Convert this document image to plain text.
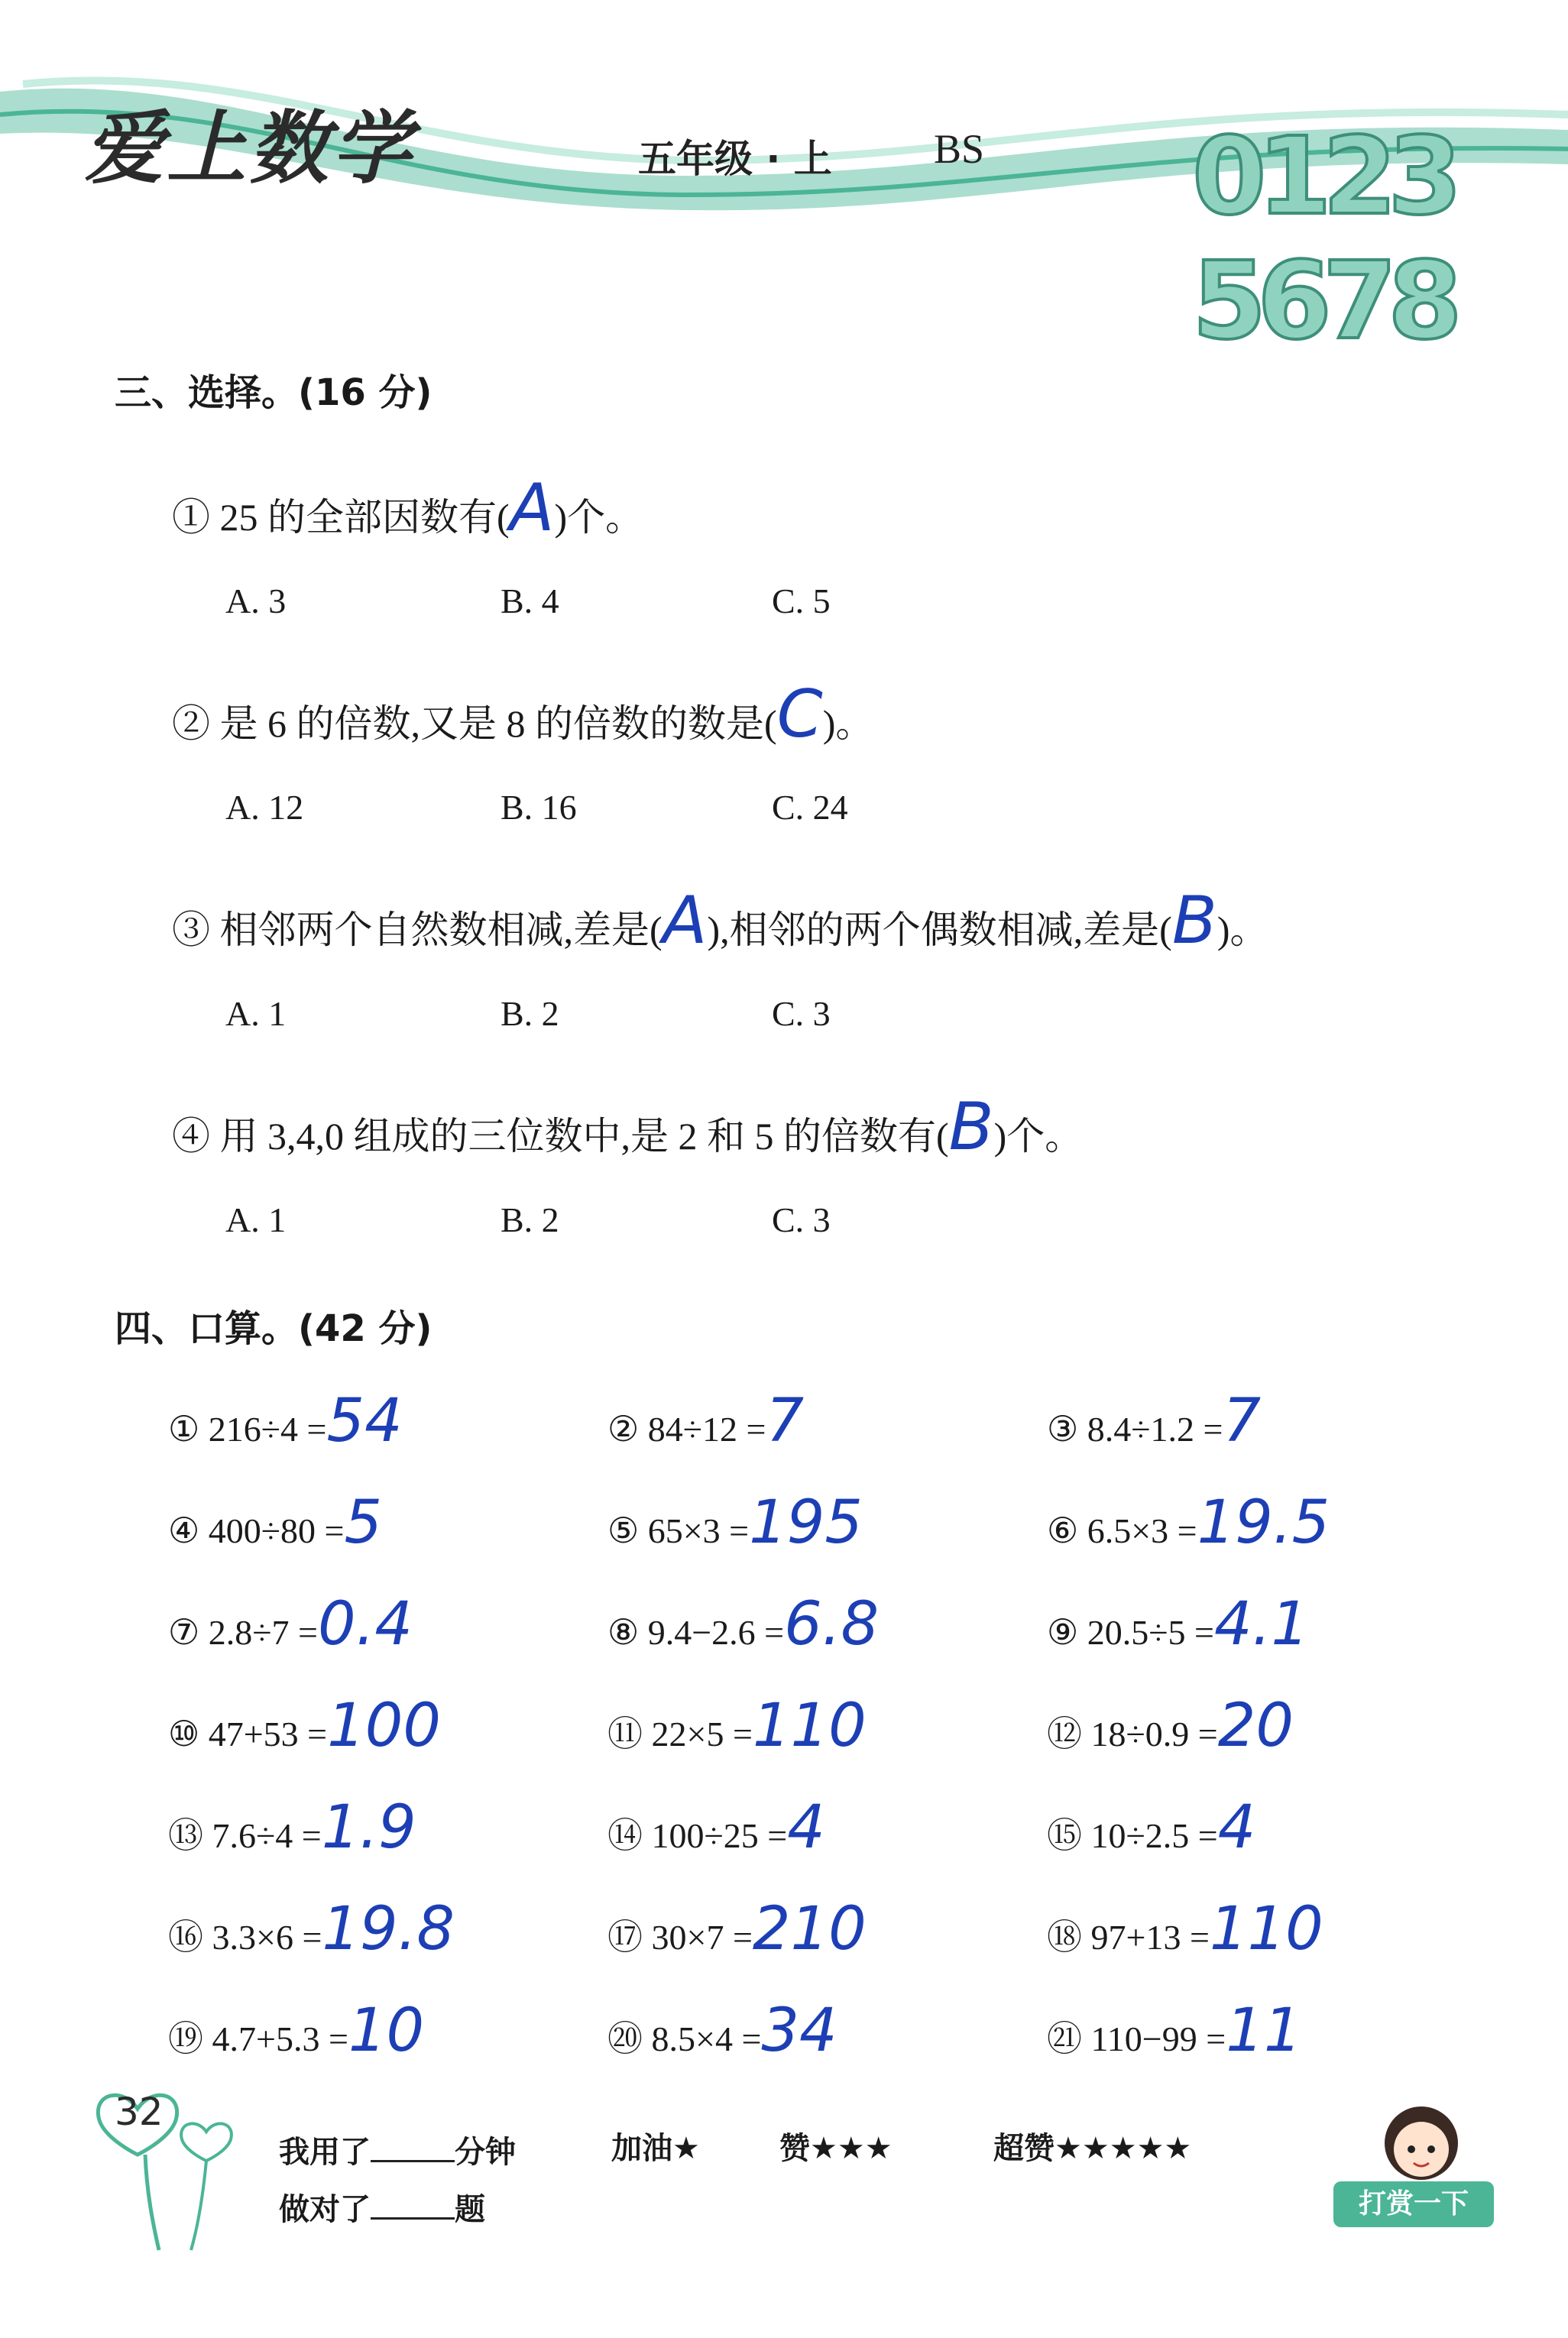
爱上数学	五年级 · 上 BS 0123 5678
三、选择。(16 分)
① 25 的全部因数有(A)个。
A. 3	B. 4	C. 5
② 是 6 的倍数,又是 8 的倍数的数是(C)。
A. 12	B. 16	C. 24
③ 相邻两个自然数相减,差是(A),相邻的两个偶数相减,差是(B)。
A. 1	B. 2	C. 3
④ 用 3,4,0 组成的三位数中,是 2 和 5 的倍数有(B)个。
A. 1	B. 2	C. 3
四、口算。(42 分)
① 216÷4 =54	② 84÷12 =7	③ 8.4÷1.2 =7
④ 400÷80 =5	⑤ 65×3 =195	⑥ 6.5×3 =19.5
⑦ 2.8÷7 =0.4	⑧ 9.4−2.6 =6.8	⑨ 20.5÷5 =4.1
⑩ 47+53 =100	⑪ 22×5 =110	⑫ 18÷0.9 =20
⑬ 7.6÷4 =1.9	⑭ 100÷25 =4	⑮ 10÷2.5 =4
⑯ 3.3×6 =19.8	⑰ 30×7 =210	⑱ 97+13 =110
⑲ 4.7+5.3 =10	⑳ 8.5×4 =34	㉑ 110−99 =11
32
我用了	分钟
做对了	题
加油★	赞★★★	超赞★★★★★
打赏一下
